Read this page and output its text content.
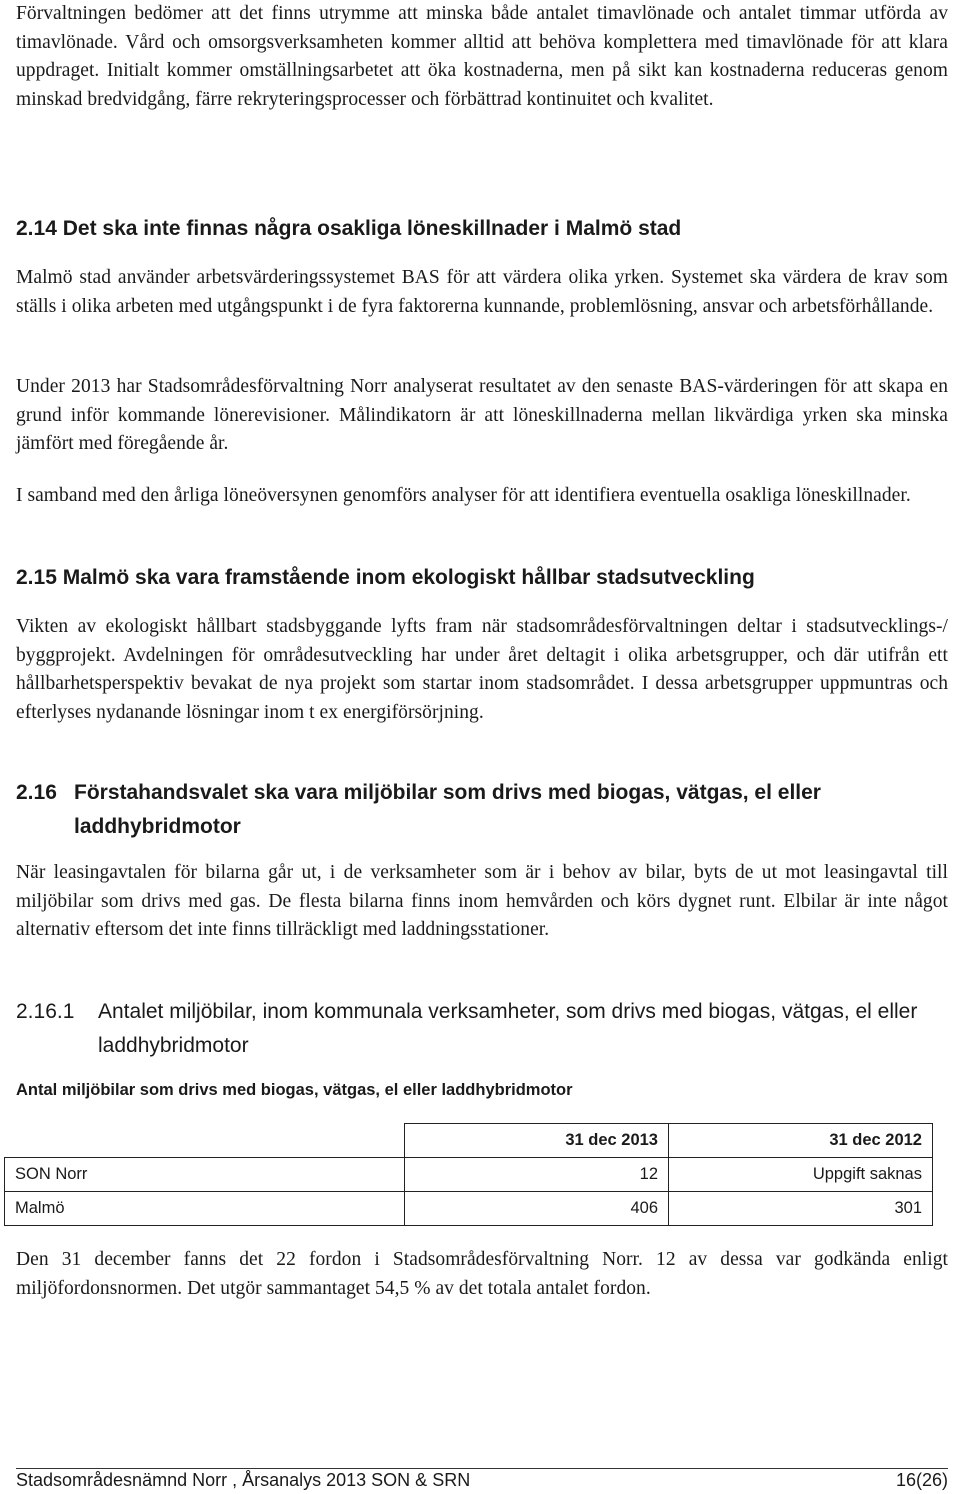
Förvaltningen bedömer att det finns utrymme att minska både antalet timavlönade och antalet timmar utförda av timavlönade. Vård och omsorgsverksamheten kommer alltid att behöva komplettera med timavlönade för att klara uppdraget. Initialt kommer omställningsarbetet att öka kostnaderna, men på sikt kan kostnaderna reduceras genom minskad bredvidgång, färre rekryteringsprocesser och förbättrad kontinuitet och kvalitet.

2.14 Det ska inte finnas några osakliga löneskillnader i Malmö stad

Malmö stad använder arbetsvärderingssystemet BAS för att värdera olika yrken. Systemet ska värdera de krav som ställs i olika arbeten med utgångspunkt i de fyra faktorerna kunnande, problemlösning, ansvar och arbetsförhållande.

Under 2013 har Stadsområdesförvaltning Norr analyserat resultatet av den senaste BAS-värderingen för att skapa en grund inför kommande lönerevisioner. Målindikatorn är att löneskillnaderna mellan likvärdiga yrken ska minska jämfört med föregående år.

I samband med den årliga löneöversynen genomförs analyser för att identifiera eventuella osakliga löneskillnader.

2.15 Malmö ska vara framstående inom ekologiskt hållbar stadsutveckling

Vikten av ekologiskt hållbart stadsbyggande lyfts fram när stadsområdesförvaltningen deltar i stadsutvecklings-/ byggprojekt. Avdelningen för områdesutveckling har under året deltagit i olika arbetsgrupper, och där utifrån ett hållbarhetsperspektiv bevakat de nya projekt som startar inom stadsområdet. I dessa arbetsgrupper uppmuntras och efterlyses nydanande lösningar inom t ex energiförsörjning.

2.16 Förstahandsvalet ska vara miljöbilar som drivs med biogas, vätgas, el eller laddhybridmotor

När leasingavtalen för bilarna går ut, i de verksamheter som är i behov av bilar, byts de ut mot leasingavtal till miljöbilar som drivs med gas. De flesta bilarna finns inom hemvården och körs dygnet runt. Elbilar är inte något alternativ eftersom det inte finns tillräckligt med laddningsstationer.

2.16.1	Antalet miljöbilar, inom kommunala verksamheter, som drivs med biogas, vätgas, el eller laddhybridmotor
Antal miljöbilar som drivs med biogas, vätgas, el eller laddhybridmotor
	31 dec 2013	31 dec 2012
SON Norr	12	Uppgift saknas
Malmö	406	301

Den 31 december fanns det 22 fordon i Stadsområdesförvaltning Norr. 12 av dessa var godkända enligt miljöfordonsnormen. Det utgör sammantaget 54,5 % av det totala antalet fordon.

Stadsområdesnämnd Norr , Årsanalys 2013 SON & SRN	16(26)
